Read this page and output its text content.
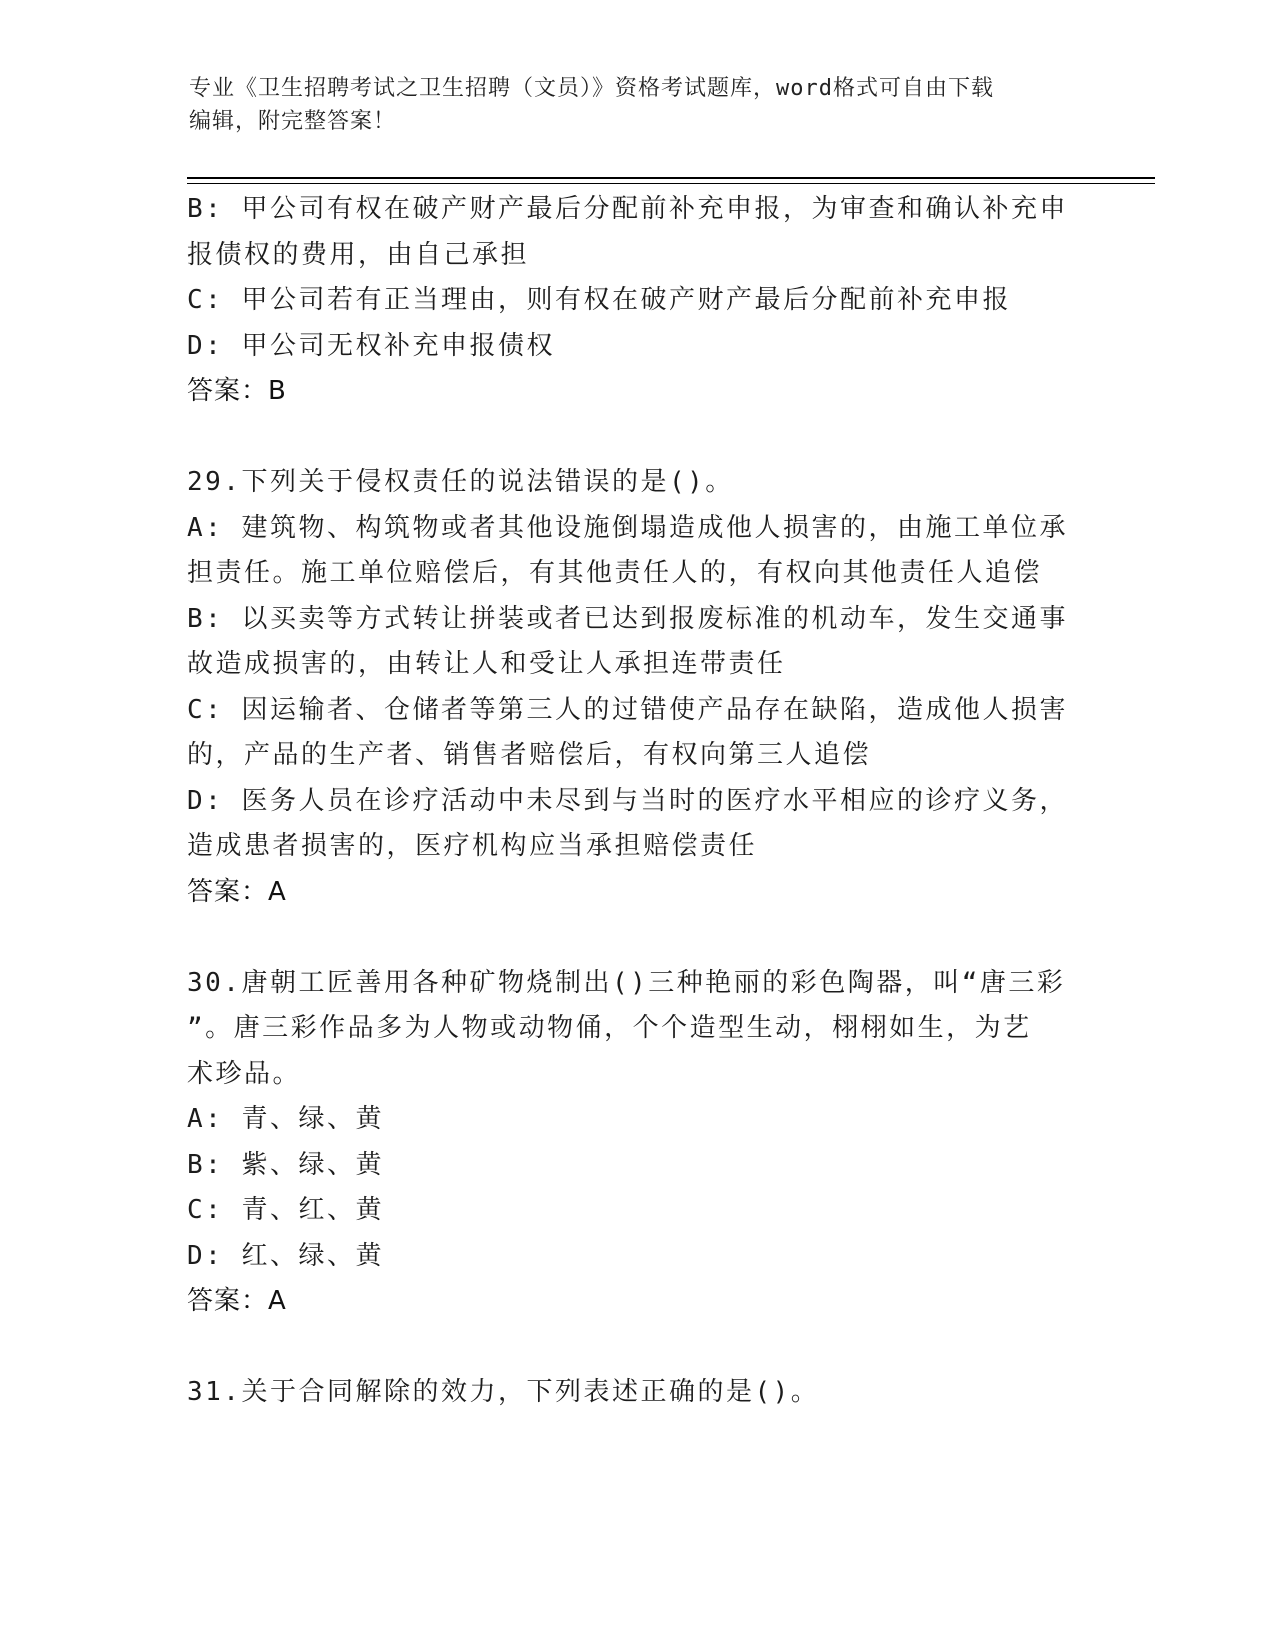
专业《卫生招聘考试之卫生招聘（文员）》资格考试题库，word格式可自由下载
编辑，附完整答案！
B: 甲公司有权在破产财产最后分配前补充申报，为审查和确认补充申
报债权的费用，由自己承担
C: 甲公司若有正当理由，则有权在破产财产最后分配前补充申报
D: 甲公司无权补充申报债权
答案：B
29.下列关于侵权责任的说法错误的是()。
A: 建筑物、构筑物或者其他设施倒塌造成他人损害的，由施工单位承
担责任。施工单位赔偿后，有其他责任人的，有权向其他责任人追偿
B: 以买卖等方式转让拼装或者已达到报废标准的机动车，发生交通事
故造成损害的，由转让人和受让人承担连带责任
C: 因运输者、仓储者等第三人的过错使产品存在缺陷，造成他人损害
的，产品的生产者、销售者赔偿后，有权向第三人追偿
D: 医务人员在诊疗活动中未尽到与当时的医疗水平相应的诊疗义务，
造成患者损害的，医疗机构应当承担赔偿责任
答案：A
30.唐朝工匠善用各种矿物烧制出()三种艳丽的彩色陶器，叫“唐三彩
”。唐三彩作品多为人物或动物俑，个个造型生动，栩栩如生，为艺
术珍品。
A: 青、绿、黄
B: 紫、绿、黄
C: 青、红、黄
D: 红、绿、黄
答案：A
31.关于合同解除的效力，下列表述正确的是()。
